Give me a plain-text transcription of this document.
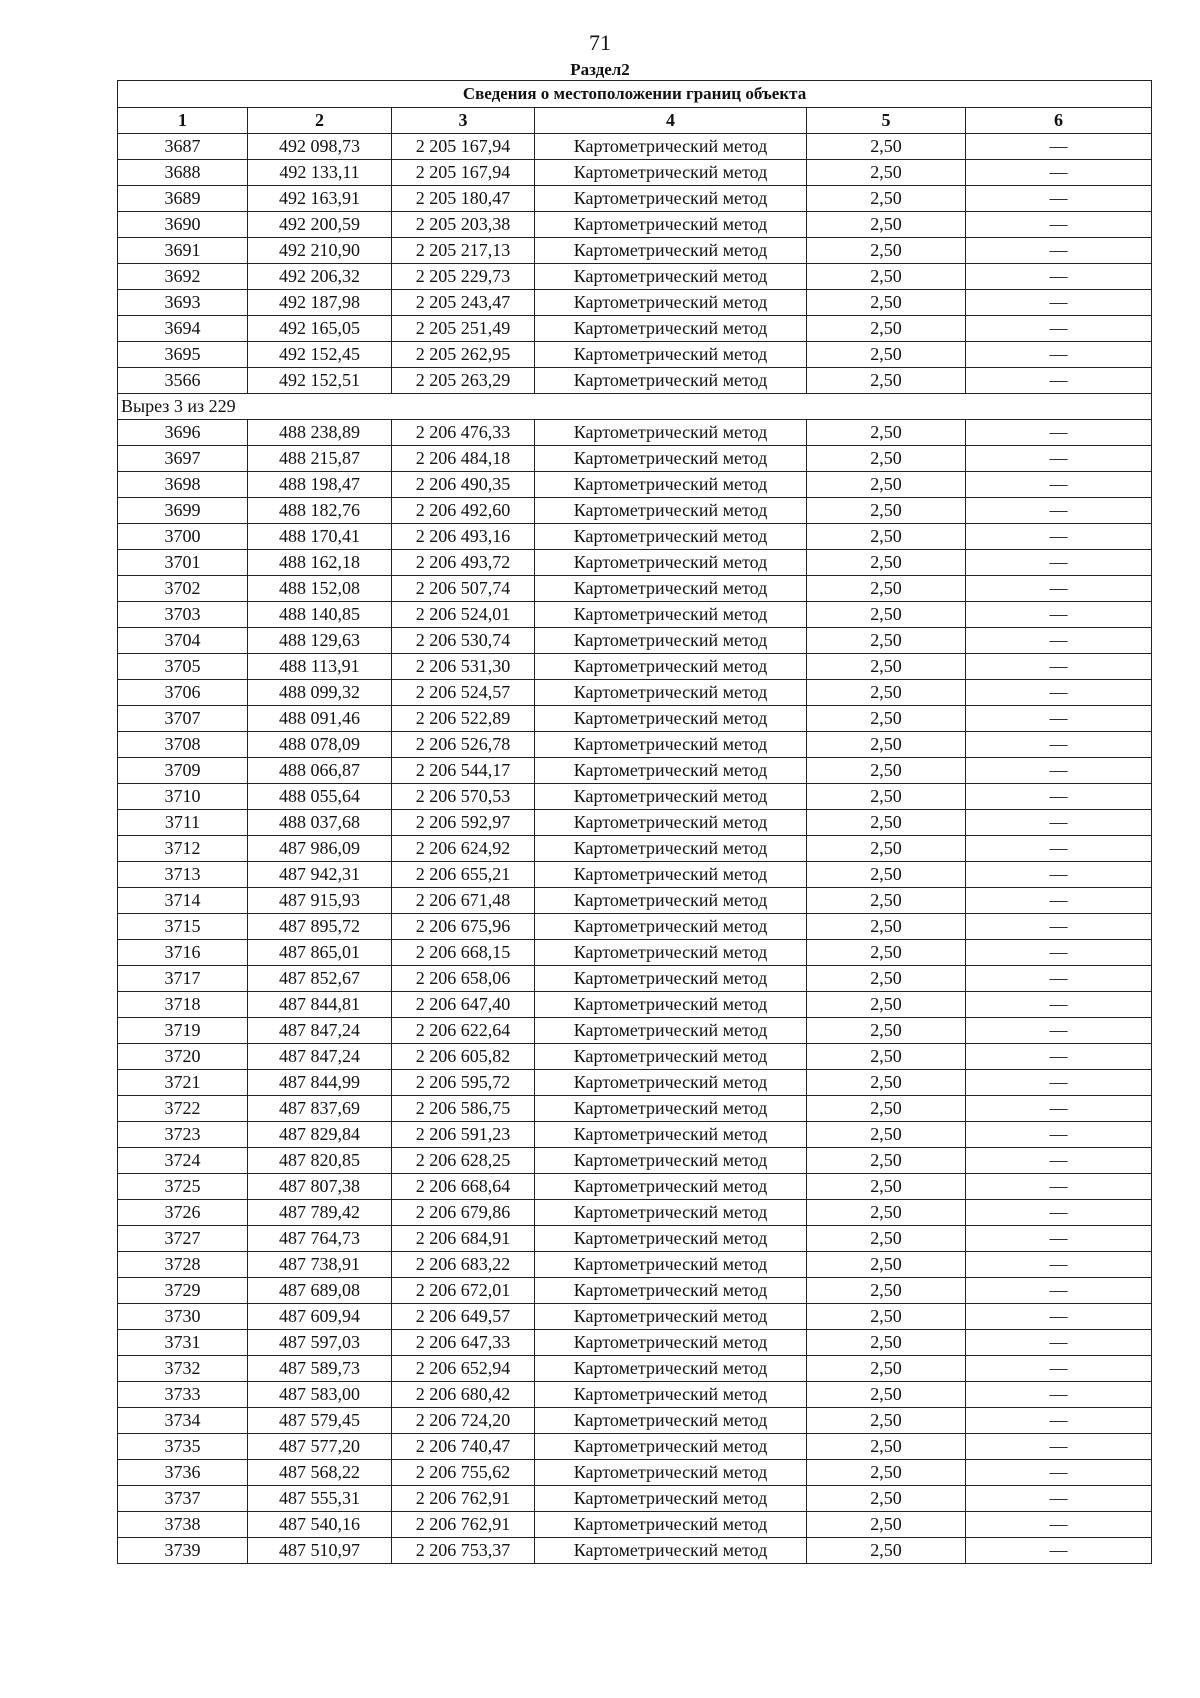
71
Раздел2
Сведения о местоположении границ объекта					
1	2	3	4	5	6
3687	492 098,73	2 205 167,94	Картометрический метод	2,50	—
3688	492 133,11	2 205 167,94	Картометрический метод	2,50	—
3689	492 163,91	2 205 180,47	Картометрический метод	2,50	—
3690	492 200,59	2 205 203,38	Картометрический метод	2,50	—
3691	492 210,90	2 205 217,13	Картометрический метод	2,50	—
3692	492 206,32	2 205 229,73	Картометрический метод	2,50	—
3693	492 187,98	2 205 243,47	Картометрический метод	2,50	—
3694	492 165,05	2 205 251,49	Картометрический метод	2,50	—
3695	492 152,45	2 205 262,95	Картометрический метод	2,50	—
3566	492 152,51	2 205 263,29	Картометрический метод	2,50	—
Вырез 3 из 229					
3696	488 238,89	2 206 476,33	Картометрический метод	2,50	—
3697	488 215,87	2 206 484,18	Картометрический метод	2,50	—
3698	488 198,47	2 206 490,35	Картометрический метод	2,50	—
3699	488 182,76	2 206 492,60	Картометрический метод	2,50	—
3700	488 170,41	2 206 493,16	Картометрический метод	2,50	—
3701	488 162,18	2 206 493,72	Картометрический метод	2,50	—
3702	488 152,08	2 206 507,74	Картометрический метод	2,50	—
3703	488 140,85	2 206 524,01	Картометрический метод	2,50	—
3704	488 129,63	2 206 530,74	Картометрический метод	2,50	—
3705	488 113,91	2 206 531,30	Картометрический метод	2,50	—
3706	488 099,32	2 206 524,57	Картометрический метод	2,50	—
3707	488 091,46	2 206 522,89	Картометрический метод	2,50	—
3708	488 078,09	2 206 526,78	Картометрический метод	2,50	—
3709	488 066,87	2 206 544,17	Картометрический метод	2,50	—
3710	488 055,64	2 206 570,53	Картометрический метод	2,50	—
3711	488 037,68	2 206 592,97	Картометрический метод	2,50	—
3712	487 986,09	2 206 624,92	Картометрический метод	2,50	—
3713	487 942,31	2 206 655,21	Картометрический метод	2,50	—
3714	487 915,93	2 206 671,48	Картометрический метод	2,50	—
3715	487 895,72	2 206 675,96	Картометрический метод	2,50	—
3716	487 865,01	2 206 668,15	Картометрический метод	2,50	—
3717	487 852,67	2 206 658,06	Картометрический метод	2,50	—
3718	487 844,81	2 206 647,40	Картометрический метод	2,50	—
3719	487 847,24	2 206 622,64	Картометрический метод	2,50	—
3720	487 847,24	2 206 605,82	Картометрический метод	2,50	—
3721	487 844,99	2 206 595,72	Картометрический метод	2,50	—
3722	487 837,69	2 206 586,75	Картометрический метод	2,50	—
3723	487 829,84	2 206 591,23	Картометрический метод	2,50	—
3724	487 820,85	2 206 628,25	Картометрический метод	2,50	—
3725	487 807,38	2 206 668,64	Картометрический метод	2,50	—
3726	487 789,42	2 206 679,86	Картометрический метод	2,50	—
3727	487 764,73	2 206 684,91	Картометрический метод	2,50	—
3728	487 738,91	2 206 683,22	Картометрический метод	2,50	—
3729	487 689,08	2 206 672,01	Картометрический метод	2,50	—
3730	487 609,94	2 206 649,57	Картометрический метод	2,50	—
3731	487 597,03	2 206 647,33	Картометрический метод	2,50	—
3732	487 589,73	2 206 652,94	Картометрический метод	2,50	—
3733	487 583,00	2 206 680,42	Картометрический метод	2,50	—
3734	487 579,45	2 206 724,20	Картометрический метод	2,50	—
3735	487 577,20	2 206 740,47	Картометрический метод	2,50	—
3736	487 568,22	2 206 755,62	Картометрический метод	2,50	—
3737	487 555,31	2 206 762,91	Картометрический метод	2,50	—
3738	487 540,16	2 206 762,91	Картометрический метод	2,50	—
3739	487 510,97	2 206 753,37	Картометрический метод	2,50	—
